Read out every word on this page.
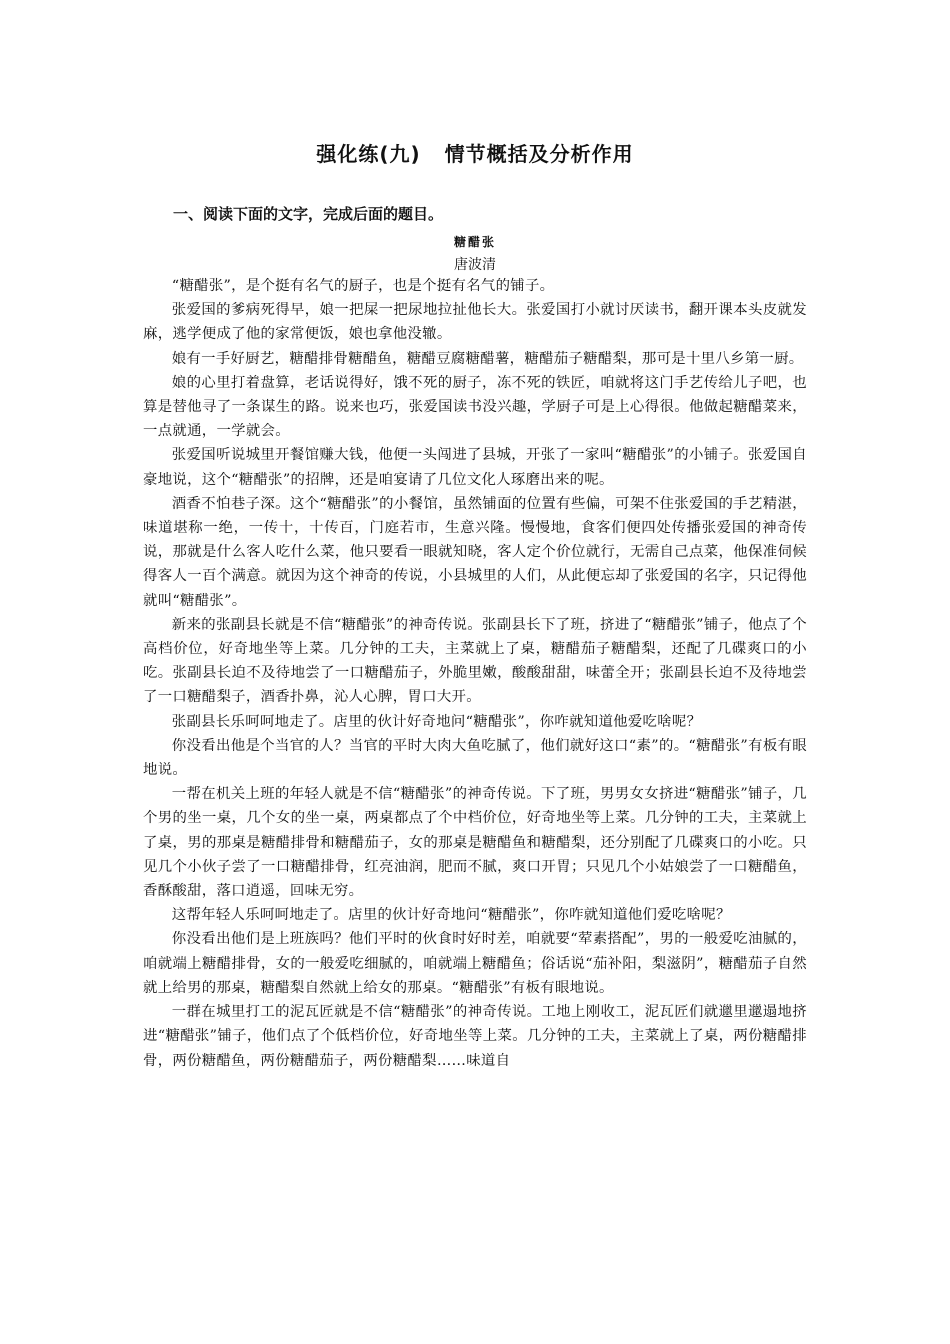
强化练(九) 情节概括及分析作用
一、阅读下面的文字，完成后面的题目。
糖醋张
唐波清

“糖醋张”，是个挺有名气的厨子，也是个挺有名气的铺子。

张爱国的爹病死得早，娘一把屎一把尿地拉扯他长大。张爱国打小就讨厌读书，翻开课本头皮就发麻，逃学便成了他的家常便饭，娘也拿他没辙。

娘有一手好厨艺，糖醋排骨糖醋鱼，糖醋豆腐糖醋薯，糖醋茄子糖醋梨，那可是十里八乡第一厨。

娘的心里打着盘算，老话说得好，饿不死的厨子，冻不死的铁匠，咱就将这门手艺传给儿子吧，也算是替他寻了一条谋生的路。说来也巧，张爱国读书没兴趣，学厨子可是上心得很。他做起糖醋菜来，一点就通，一学就会。

张爱国听说城里开餐馆赚大钱，他便一头闯进了县城，开张了一家叫“糖醋张”的小铺子。张爱国自豪地说，这个“糖醋张”的招牌，还是咱宴请了几位文化人琢磨出来的呢。

酒香不怕巷子深。这个“糖醋张”的小餐馆，虽然铺面的位置有些偏，可架不住张爱国的手艺精湛，味道堪称一绝，一传十，十传百，门庭若市，生意兴隆。慢慢地，食客们便四处传播张爱国的神奇传说，那就是什么客人吃什么菜，他只要看一眼就知晓，客人定个价位就行，无需自己点菜，他保准伺候得客人一百个满意。就因为这个神奇的传说，小县城里的人们，从此便忘却了张爱国的名字，只记得他就叫“糖醋张”。

新来的张副县长就是不信“糖醋张”的神奇传说。张副县长下了班，挤进了“糖醋张”铺子，他点了个高档价位，好奇地坐等上菜。几分钟的工夫，主菜就上了桌，糖醋茄子糖醋梨，还配了几碟爽口的小吃。张副县长迫不及待地尝了一口糖醋茄子，外脆里嫩，酸酸甜甜，味蕾全开；张副县长迫不及待地尝了一口糖醋梨子，酒香扑鼻，沁人心脾，胃口大开。

张副县长乐呵呵地走了。店里的伙计好奇地问“糖醋张”，你咋就知道他爱吃啥呢？

你没看出他是个当官的人？当官的平时大肉大鱼吃腻了，他们就好这口“素”的。“糖醋张”有板有眼地说。

一帮在机关上班的年轻人就是不信“糖醋张”的神奇传说。下了班，男男女女挤进“糖醋张”铺子，几个男的坐一桌，几个女的坐一桌，两桌都点了个中档价位，好奇地坐等上菜。几分钟的工夫，主菜就上了桌，男的那桌是糖醋排骨和糖醋茄子，女的那桌是糖醋鱼和糖醋梨，还分别配了几碟爽口的小吃。只见几个小伙子尝了一口糖醋排骨，红亮油润，肥而不腻，爽口开胃；只见几个小姑娘尝了一口糖醋鱼，香酥酸甜，落口逍遥，回味无穷。

这帮年轻人乐呵呵地走了。店里的伙计好奇地问“糖醋张”，你咋就知道他们爱吃啥呢？

你没看出他们是上班族吗？他们平时的伙食时好时差，咱就要“荤素搭配”，男的一般爱吃油腻的，咱就端上糖醋排骨，女的一般爱吃细腻的，咱就端上糖醋鱼；俗话说“茄补阳，梨滋阴”，糖醋茄子自然就上给男的那桌，糖醋梨自然就上给女的那桌。“糖醋张”有板有眼地说。

一群在城里打工的泥瓦匠就是不信“糖醋张”的神奇传说。工地上刚收工，泥瓦匠们就邋里邋遢地挤进“糖醋张”铺子，他们点了个低档价位，好奇地坐等上菜。几分钟的工夫，主菜就上了桌，两份糖醋排骨，两份糖醋鱼，两份糖醋茄子，两份糖醋梨……味道自
